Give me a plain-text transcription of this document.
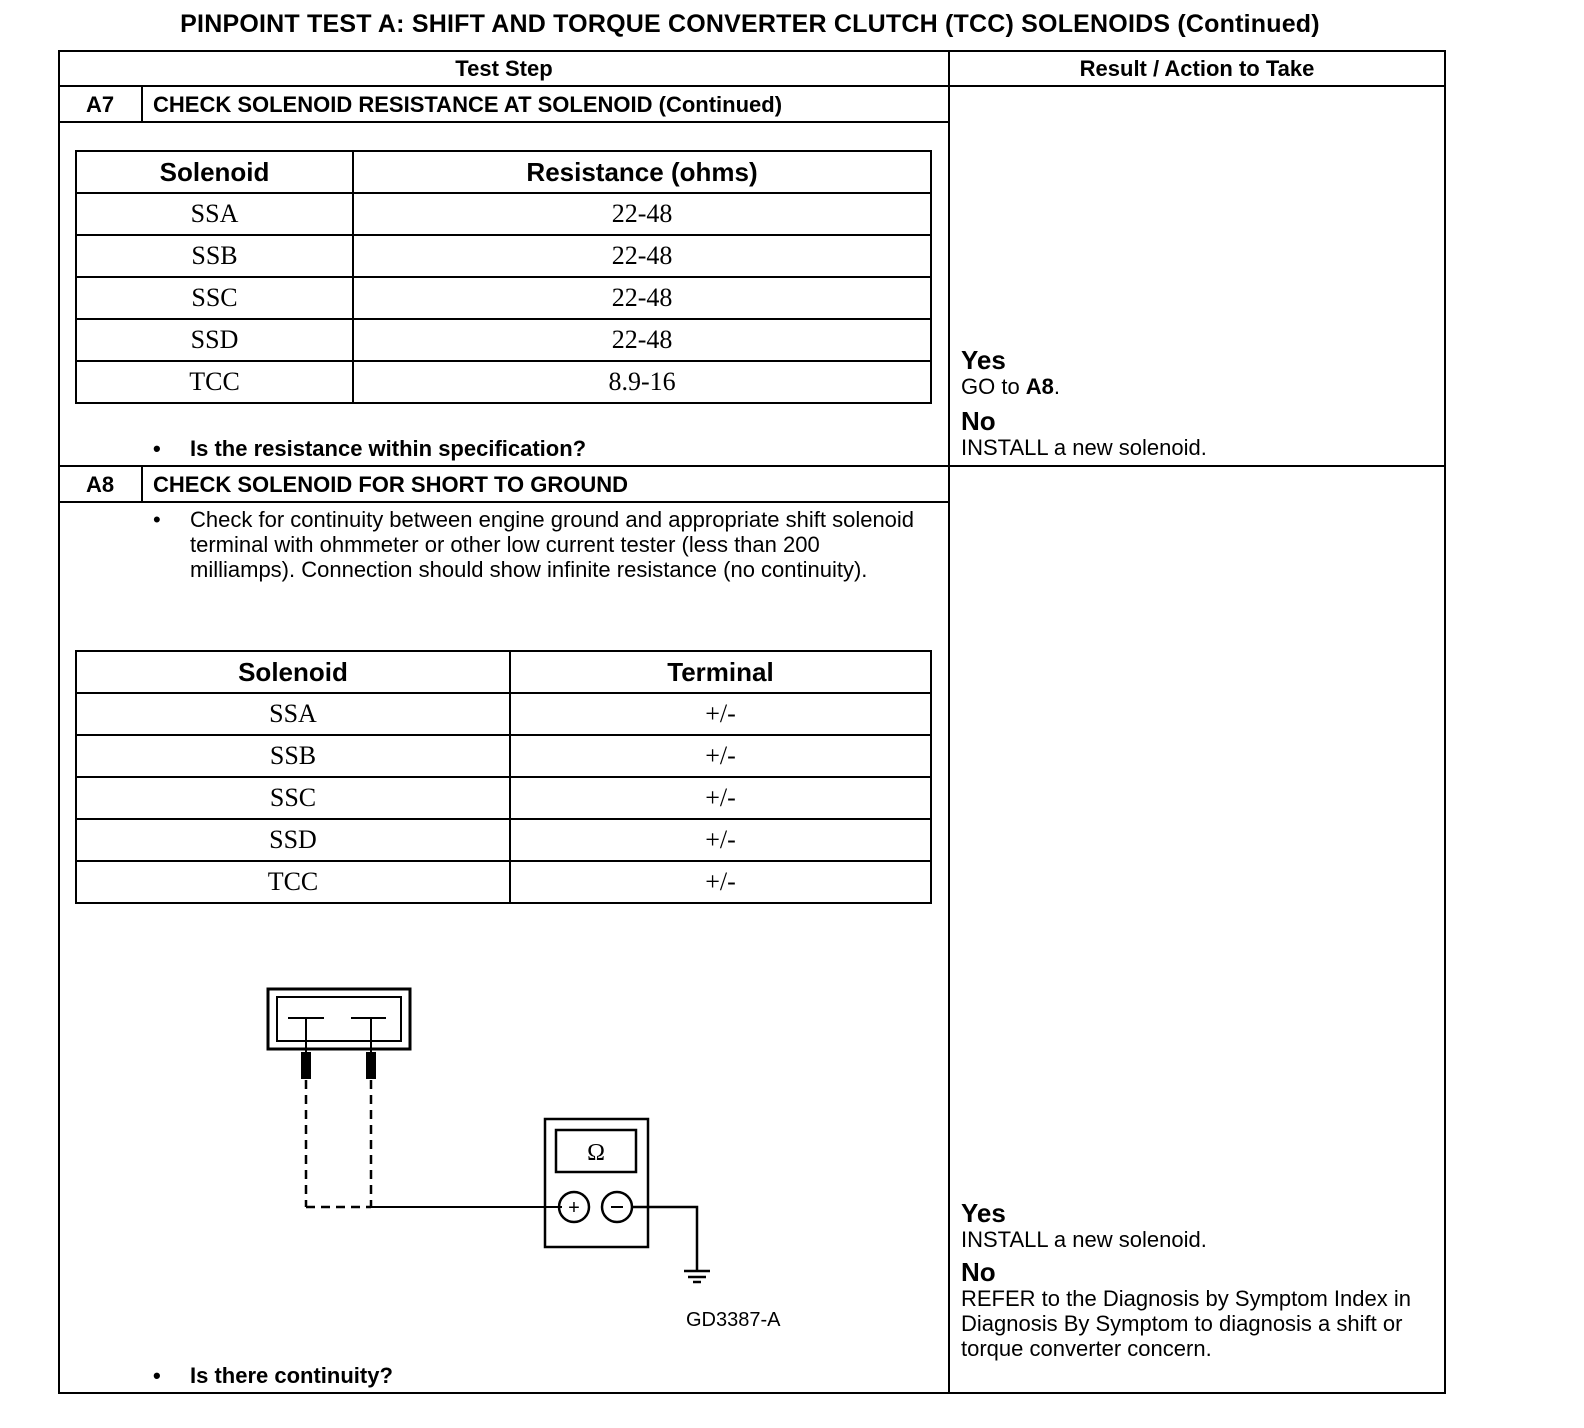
PINPOINT TEST A: SHIFT AND TORQUE CONVERTER CLUTCH (TCC) SOLENOIDS (Continued)
Test Step	Result / Action to Take
A7	CHECK SOLENOID RESISTANCE AT SOLENOID (Continued)
Solenoid	Resistance (ohms)
SSA	22-48
SSB	22-48
SSC	22-48
SSD	22-48
TCC	8.9-16
• Is the resistance within specification?
Yes
GO to A8.

No
INSTALL a new solenoid.
A8	CHECK SOLENOID FOR SHORT TO GROUND
• Check for continuity between engine ground and appropriate shift solenoid terminal with ohmmeter or other low current tester (less than 200 milliamps). Connection should show infinite resistance (no continuity).
Solenoid	Terminal
SSA	+/-
SSB	+/-
SSC	+/-
SSD	+/-
TCC	+/-
Ω
+
GD3387-A
• Is there continuity?
Yes
INSTALL a new solenoid.

No
REFER to the Diagnosis by Symptom Index in Diagnosis By Symptom to diagnosis a shift or torque converter concern.
